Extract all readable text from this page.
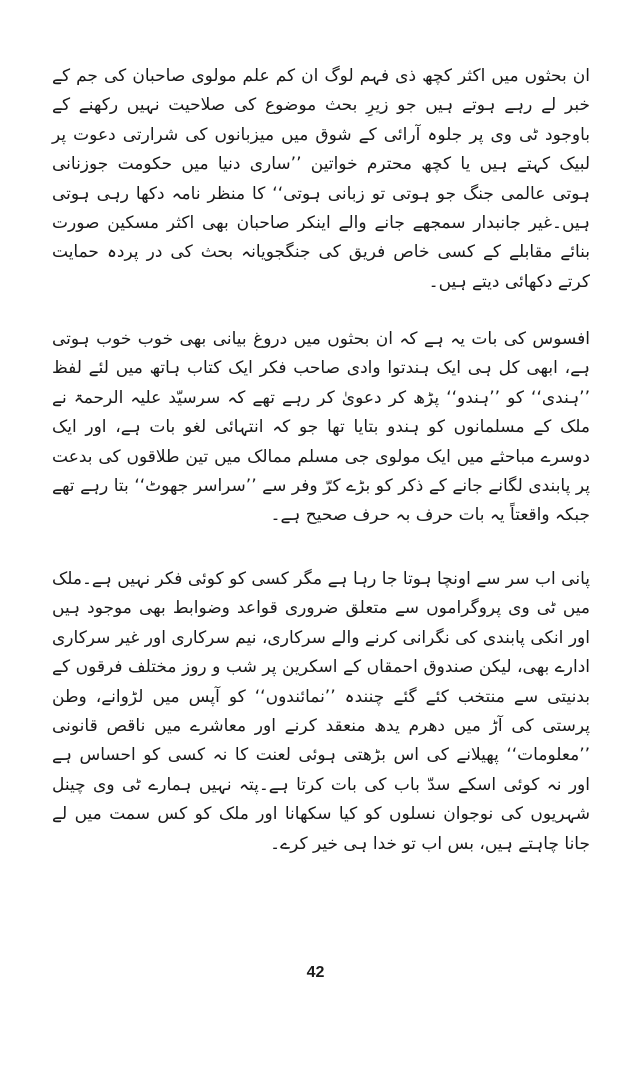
ان بحثوں میں اکثر کچھ ذی فہم لوگ ان کم علم مولوی صاحبان کی جم کے خبر لے رہے ہوتے ہیں جو زیرِ بحث موضوع کی صلاحیت نہیں رکھنے کے باوجود ٹی وی پر جلوہ آرائی کے شوق میں میزبانوں کی شرارتی دعوت پر لبیک کہتے ہیں یا کچھ محترم خواتین ’’ساری دنیا میں حکومت جوزنانی ہوتی عالمی جنگ جو ہوتی تو زبانی ہوتی‘‘ کا منظر نامہ دکھا رہی ہوتی ہیں۔غیر جانبدار سمجھے جانے والے اینکر صاحبان بھی اکثر مسکین صورت بنائے مقابلے کے کسی خاص فریق کی جنگجویانہ بحث کی در پردہ حمایت کرتے دکھائی دیتے ہیں۔

افسوس کی بات یہ ہے کہ ان بحثوں میں دروغ بیانی بھی خوب خوب ہوتی ہے، ابھی کل ہی ایک ہندتوا وادی صاحب فکر ایک کتاب ہاتھ میں لئے لفظ ’’ہندی‘‘ کو ’’ہندو‘‘ پڑھ کر دعویٰ کر رہے تھے کہ سرسیّد علیہ الرحمۃ نے ملک کے مسلمانوں کو ہندو بتایا تھا جو کہ انتہائی لغو بات ہے، اور ایک دوسرے مباحثے میں ایک مولوی جی مسلم ممالک میں تین طلاقوں کی بدعت پر پابندی لگانے جانے کے ذکر کو بڑے کرّ وفر سے ’’سراسر جھوٹ‘‘ بتا رہے تھے جبکہ واقعتاً یہ بات حرف بہ حرف صحیح ہے۔

پانی اب سر سے اونچا ہوتا جا رہا ہے مگر کسی کو کوئی فکر نہیں ہے۔ملک میں ٹی وی پروگراموں سے متعلق ضروری قواعد وضوابط بھی موجود ہیں اور انکی پابندی کی نگرانی کرنے والے سرکاری، نیم سرکاری اور غیر سرکاری ادارے بھی، لیکن صندوق احمقاں کے اسکرین پر شب و روز مختلف فرقوں کے بدنیتی سے منتخب کئے گئے چنندہ ’’نمائندوں‘‘ کو آپس میں لڑوانے، وطن پرستی کی آڑ میں دھرم یدھ منعقد کرنے اور معاشرے میں ناقص قانونی ’’معلومات‘‘ پھیلانے کی اس بڑھتی ہوئی لعنت کا نہ کسی کو احساس ہے اور نہ کوئی اسکے سدّ باب کی بات کرتا ہے۔پتہ نہیں ہمارے ٹی وی چینل شہریوں کی نوجوان نسلوں کو کیا سکھانا اور ملک کو کس سمت میں لے جانا چاہتے ہیں، بس اب تو خدا ہی خیر کرے۔

42
